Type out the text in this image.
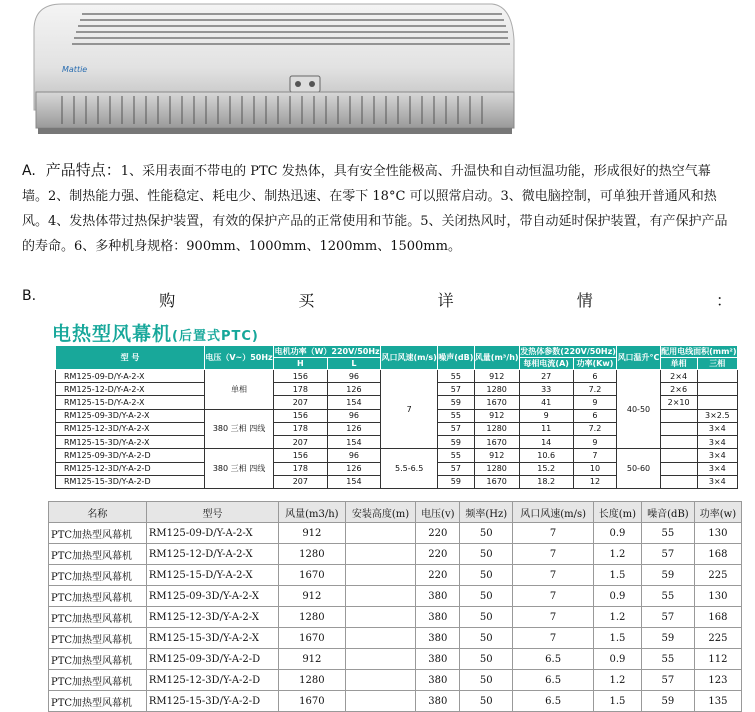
Mattie
A. 产品特点：1、采用表面不带电的 PTC 发热体，具有安全性能极高、升温快和自动恒温功能，形成很好的热空气幕墙。2、制热能力强、性能稳定、耗电少、制热迅速、在零下 18°C 可以照常启动。3、微电脑控制，可单独开普通风和热风。4、发热体带过热保护装置，有效的保护产品的正常使用和节能。5、关闭热风时，带自动延时保护装置，有产保护产品的寿命。6、多种机身规格：900mm、1000mm、1200mm、1500mm。
B.	购	买	详	情	：
电热型风幕机(后置式PTC)
型 号	电压（V~）50Hz	电机功率（W）220V/50Hz		风口风速(m/s)	噪声(dB)	风量(m³/h)	发热体参数(220V/50Hz)		风口温升°C	配用电线面积(mm²)	
		H	L				每相电流(A)	功率(Kw)		单相	三相
RM125-09-D/Y-A-2-X	单相	156	96	7	55	912	27	6	40-50	2×4	
RM125-12-D/Y-A-2-X		178	126		57	1280	33	7.2		2×6	
RM125-15-D/Y-A-2-X		207	154		59	1670	41	9		2×10	
RM125-09-3D/Y-A-2-X	380 三相 四线	156	96		55	912	9	6			3×2.5
RM125-12-3D/Y-A-2-X		178	126		57	1280	11	7.2			3×4
RM125-15-3D/Y-A-2-X		207	154		59	1670	14	9			3×4
RM125-09-3D/Y-A-2-D	380 三相 四线	156	96	5.5-6.5	55	912	10.6	7	50-60		3×4
RM125-12-3D/Y-A-2-D		178	126		57	1280	15.2	10			3×4
RM125-15-3D/Y-A-2-D		207	154		59	1670	18.2	12			3×4
名称	型号	风量(m3/h)	安装高度(m)	电压(v)	频率(Hz)	风口风速(m/s)	长度(m)	噪音(dB)	功率(w)
PTC加热型风幕机	RM125-09-D/Y-A-2-X	912		220	50	7	0.9	55	130
PTC加热型风幕机	RM125-12-D/Y-A-2-X	1280		220	50	7	1.2	57	168
PTC加热型风幕机	RM125-15-D/Y-A-2-X	1670		220	50	7	1.5	59	225
PTC加热型风幕机	RM125-09-3D/Y-A-2-X	912		380	50	7	0.9	55	130
PTC加热型风幕机	RM125-12-3D/Y-A-2-X	1280		380	50	7	1.2	57	168
PTC加热型风幕机	RM125-15-3D/Y-A-2-X	1670		380	50	7	1.5	59	225
PTC加热型风幕机	RM125-09-3D/Y-A-2-D	912		380	50	6.5	0.9	55	112
PTC加热型风幕机	RM125-12-3D/Y-A-2-D	1280		380	50	6.5	1.2	57	123
PTC加热型风幕机	RM125-15-3D/Y-A-2-D	1670		380	50	6.5	1.5	59	135
